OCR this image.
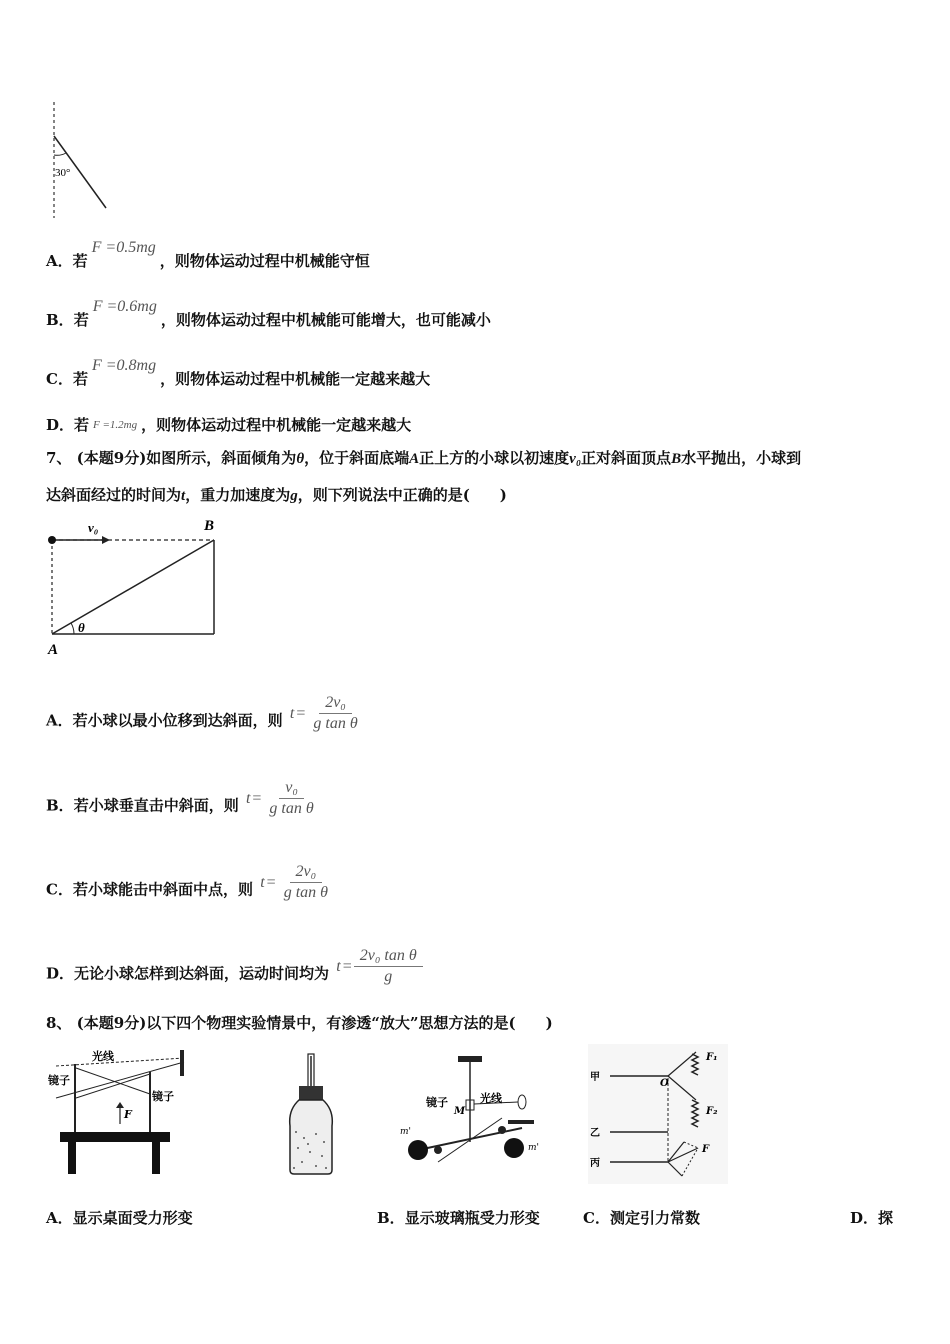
30°
A．若F =0.5mg，则物体运动过程中机械能守恒
B．若F =0.6mg，则物体运动过程中机械能可能增大，也可能减小
C．若F =0.8mg，则物体运动过程中机械能一定越来越大
D．若 F =1.2mg ，则物体运动过程中机械能一定越来越大
7、 (本题9分)如图所示，斜面倾角为θ，位于斜面底端A正上方的小球以初速度v₀正对斜面顶点B水平抛出，小球到
达斜面经过的时间为t，重力加速度为g，则下列说法中正确的是(　　)
v₀	B
A
θ
A．若小球以最小位移到达斜面，则 $t = \frac{\text{2v₀}}{\text{g tan θ}}$
B．若小球垂直击中斜面，则 $t = \frac{\text{v₀}}{\text{g tan θ}}$
C．若小球能击中斜面中点，则 $t = \frac{\text{2v₀}}{\text{g tan θ}}$
D．无论小球怎样到达斜面，运动时间均为 $t = \frac{\text{2v₀ tan θ}}{g}$
8、 (本题9分)以下四个物理实验情景中，有渗透“放大”思想方法的是(　　)
光线
镜子
镜子
F
镜子	光线
M
m'
m'
甲
乙
丙
O
F₁
F₂
F
A．显示桌面受力形变	B．显示玻璃瓶受力形变	C．测定引力常数	D．探
